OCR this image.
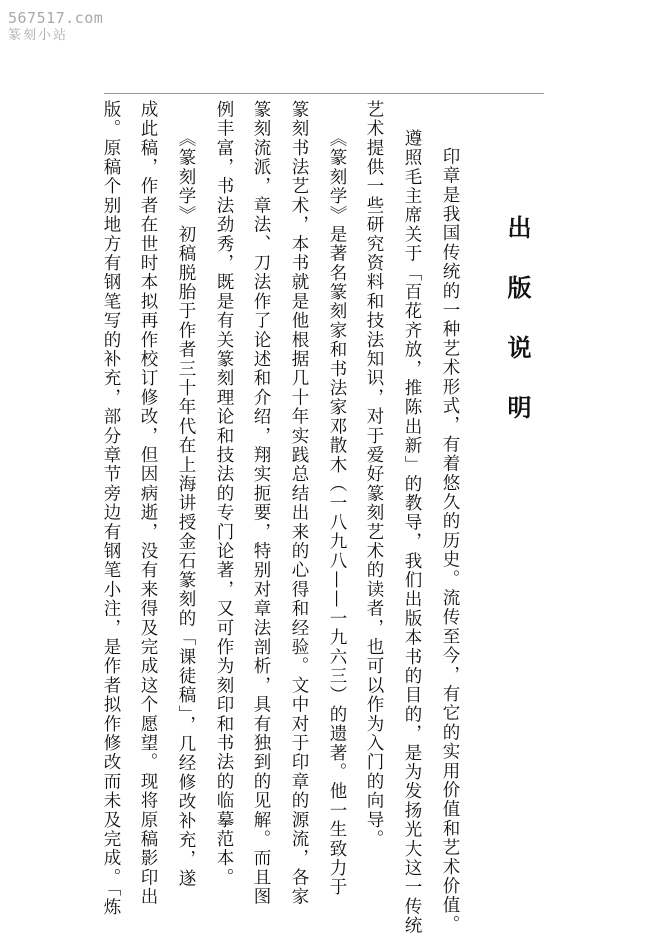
567517.com
篆刻小站
出版说明
印章是我国传统的一种艺术形式，有着悠久的历史。流传至今，有它的实用价值和艺术价值。
遵照毛主席关于「百花齐放，推陈出新」的教导，我们出版本书的目的，是为发扬光大这一传统
艺术提供一些研究资料和技法知识，对于爱好篆刻艺术的读者，也可以作为入门的向导。
《篆刻学》是著名篆刻家和书法家邓散木（一八九八——一九六三）的遗著。他一生致力于
篆刻书法艺术，本书就是他根据几十年实践总结出来的心得和经验。文中对于印章的源流，各家
篆刻流派，章法、刀法作了论述和介绍，翔实扼要，特别对章法剖析，具有独到的见解。而且图
例丰富，书法劲秀，既是有关篆刻理论和技法的专门论著，又可作为刻印和书法的临摹范本。
《篆刻学》初稿脱胎于作者三十年代在上海讲授金石篆刻的「课徒稿」，几经修改补充，遂
成此稿，作者在世时本拟再作校订修改，但因病逝，没有来得及完成这个愿望。现将原稿影印出
版。原稿个别地方有钢笔写的补充，部分章节旁边有钢笔小注，是作者拟作修改而未及完成。「炼
